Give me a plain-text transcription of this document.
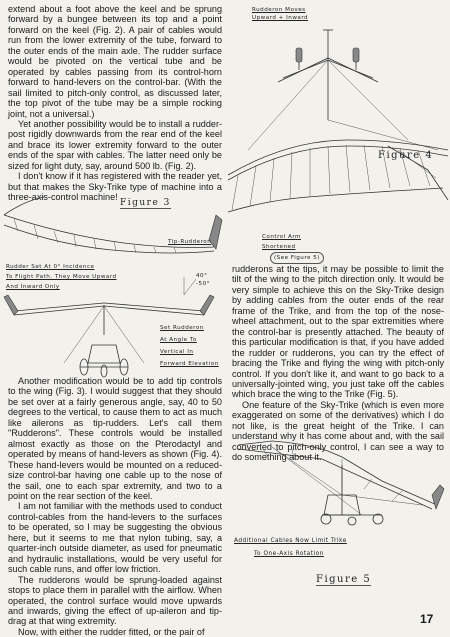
extend about a foot above the keel and be sprung forward by a bungee between its top and a point forward on the keel (Fig. 2). A pair of cables would run from the lower extremity of the tube, forward to the outer ends of the main axle. The rudder surface would be pivoted on the vertical tube and be operated by cables passing from its control-horn forward to hand-levers on the control-bar. (With the sail limited to pitch-only control, as discussed later, the top pivot of the tube may be a simple rocking joint, not a universal.)

Yet another possibility would be to install a rudder-post rigidly downwards from the rear end of the keel and brace its lower extremity forward to the outer ends of the spar with cables. The latter need only be sized for light duty, say, around 500 lb. (Fig. 2).

I don't know if it has registered with the reader yet, but that makes the Sky-Trike type of machine into a three-axis-control machine!

Rudderon Moves
Upward + Inward
Figure 4
Figure 3
Tip-Rudderon
Rudder Set At 0° Incidence
To Flight Path. They Move Upward
And Inward Only
40°
-50°
Set Rudderon
At Angle To
Vertical In
Forward Elevation
Control Arm
Shortened
(See Figure 5)

Another modification would be to add tip controls to the wing (Fig. 3). I would suggest that they should be set over at a fairly generous angle, say, 40 to 50 degrees to the vertical, to cause them to act as much like ailerons as tip-rudders. Let's call them "Rudderons". These controls would be installed almost exactly as those on the Pterodactyl and operated by means of hand-levers as shown (Fig. 4). These hand-levers would be mounted on a reduced-size control-bar having one cable up to the nose of the sail, one to each spar extremity, and two to a point on the rear section of the keel.

I am not familiar with the methods used to conduct control-cables from the hand-levers to the surfaces to be operated, so I may be suggesting the obvious here, but it seems to me that nylon tubing, say, a quarter-inch outside diameter, as used for pneumatic and hydraulic installations, would be very useful for such cable runs, and offer low friction.

The rudderons would be sprung-loaded against stops to place them in parallel with the airflow. When operated, the control surface would move upwards and inwards, giving the effect of up-aileron and tip-drag at that wing extremity.

Now, with either the rudder fitted, or the pair of

rudderons at the tips, it may be possible to limit the tilt of the wing to the pitch direction only. It would be very simple to achieve this on the Sky-Trike design by adding cables from the outer ends of the rear frame of the Trike, and from the top of the nose-wheel attachment, out to the spar extremities where the control-bar is presently attached. The beauty of this particular modification is that, if you have added the rudder or rudderons, you can try the effect of bracing the Trike and flying the wing with pitch-only control. If you don't like it, and want to go back to a universally-jointed wing, you just take off the cables which brace the wing to the Trike (Fig. 5).

One feature of the Sky-Trike (which is even more exaggerated on some of the derivatives) which I do not like, is the great height of the Trike. I can understand why it has come about and, with the sail converted to pitch-only control, I can see a way to do something about it.

Additional Cables Now Limit Trike
To One-Axis Rotation
Figure 5
17
